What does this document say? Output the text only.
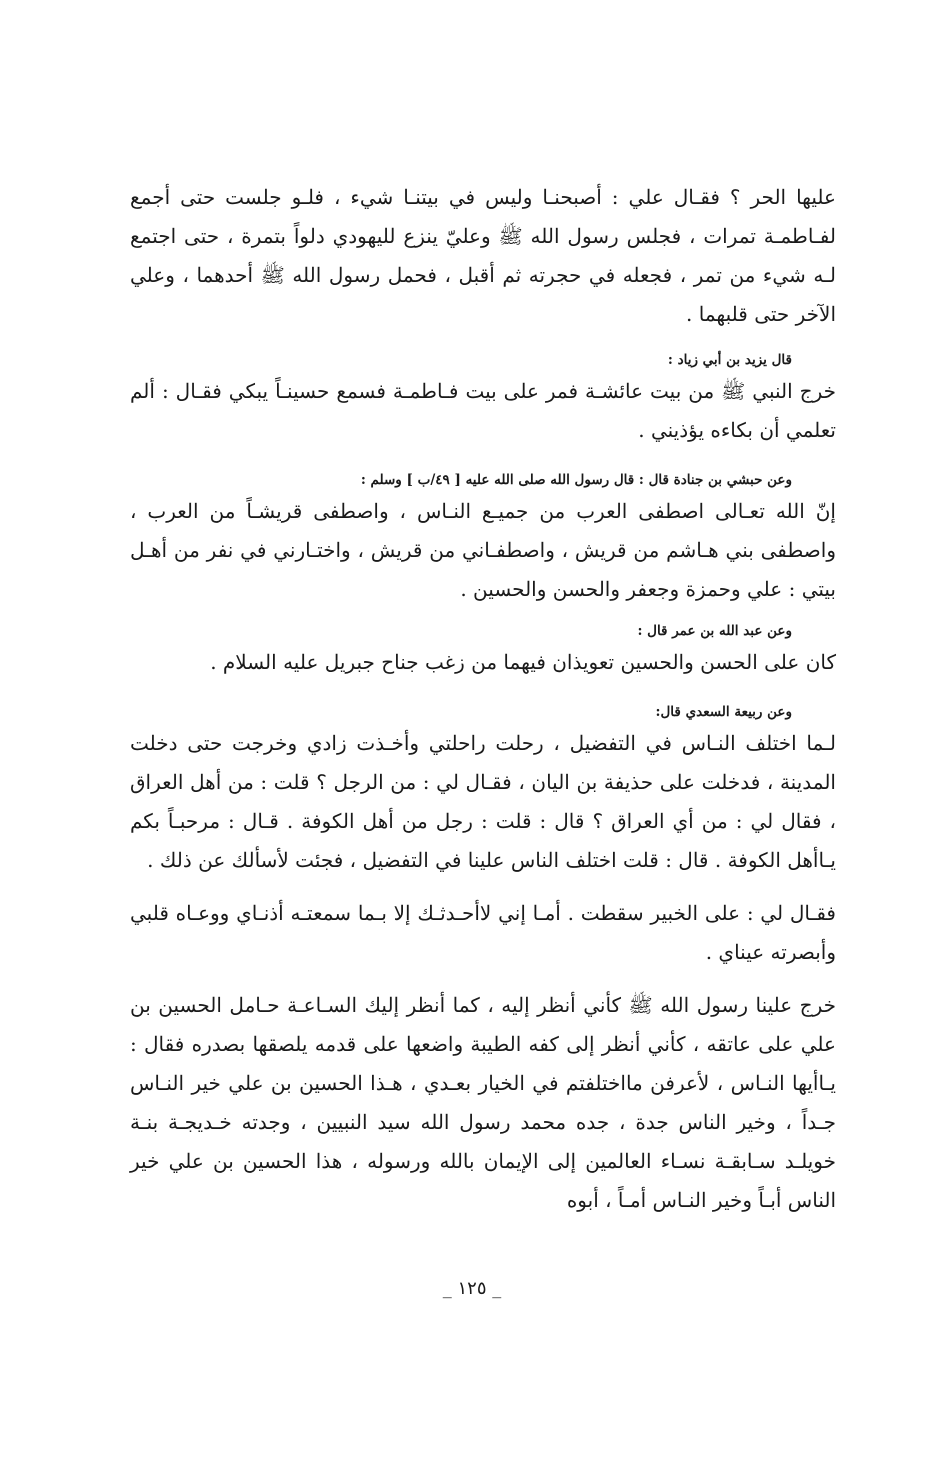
عليها الحر ؟ فقـال علي : أصبحنـا وليس في بيتنـا شيء ، فلـو جلست حتى أجمع لفـاطمـة تمرات ، فجلس رسول الله ﷺ وعليّ ينزع لليهودي دلواً بتمرة ، حتى اجتمع لـه شيء من تمر ، فجعله في حجرته ثم أقبل ، فحمل رسول الله ﷺ أحدهما ، وعلي الآخر حتى قلبهما .

قال يزيد بن أبي زياد :

خرج النبي ﷺ من بيت عائشـة فمر على بيت فـاطمـة فسمع حسينـاً يبكي فقـال : ألم تعلمي أن بكاءه يؤذيني .

وعن حبشي بن جنادة قال : قال رسول الله صلى الله عليه [ ٤٩/ب ] وسلم :

إنّ الله تعـالى اصطفى العرب من جميـع النـاس ، واصطفى قريشـاً من العرب ، واصطفى بني هـاشم من قريش ، واصطفـاني من قريش ، واختـارني في نفر من أهـل بيتي : علي وحمزة وجعفر والحسن والحسين .

وعن عبد الله بن عمر قال :

كان على الحسن والحسين تعويذان فيهما من زغب جناح جبريل عليه السلام .

وعن ربيعة السعدي قال:

لـما اختلف النـاس في التفضيل ، رحلت راحلتي وأخـذت زادي وخرجت حتى دخلت المدينة ، فدخلت على حذيفة بن اليان ، فقـال لي : من الرجل ؟ قلت : من أهل العراق ، فقال لي : من أي العراق ؟ قال : قلت : رجل من أهل الكوفة . قـال : مرحبـاً بكم يـاأهل الكوفة . قال : قلت اختلف الناس علينا في التفضيل ، فجئت لأسألك عن ذلك .

فقـال لي : على الخبير سقطت . أمـا إني لاأحـدثـك إلا بـما سمعتـه أذنـاي ووعـاه قلبي وأبصرته عيناي .

خرج علينا رسول الله ﷺ كأني أنظر إليه ، كما أنظر إليك السـاعـة حـامل الحسين بن علي على عاتقه ، كأني أنظر إلى كفه الطيبة واضعها على قدمه يلصقها بصدره فقال : يـاأيها النـاس ، لأعرفن مااختلفتم في الخيار بعـدي ، هـذا الحسين بن علي خير النـاس جـداً ، وخير الناس جدة ، جده محمد رسول الله سيد النبيين ، وجدته خـديجـة بنـة خويلـد سـابقـة نسـاء العالمين إلى الإيمان بالله ورسوله ، هذا الحسين بن علي خير الناس أبـاً وخير النـاس أمـاً ، أبوه

_ ١٢٥ _
